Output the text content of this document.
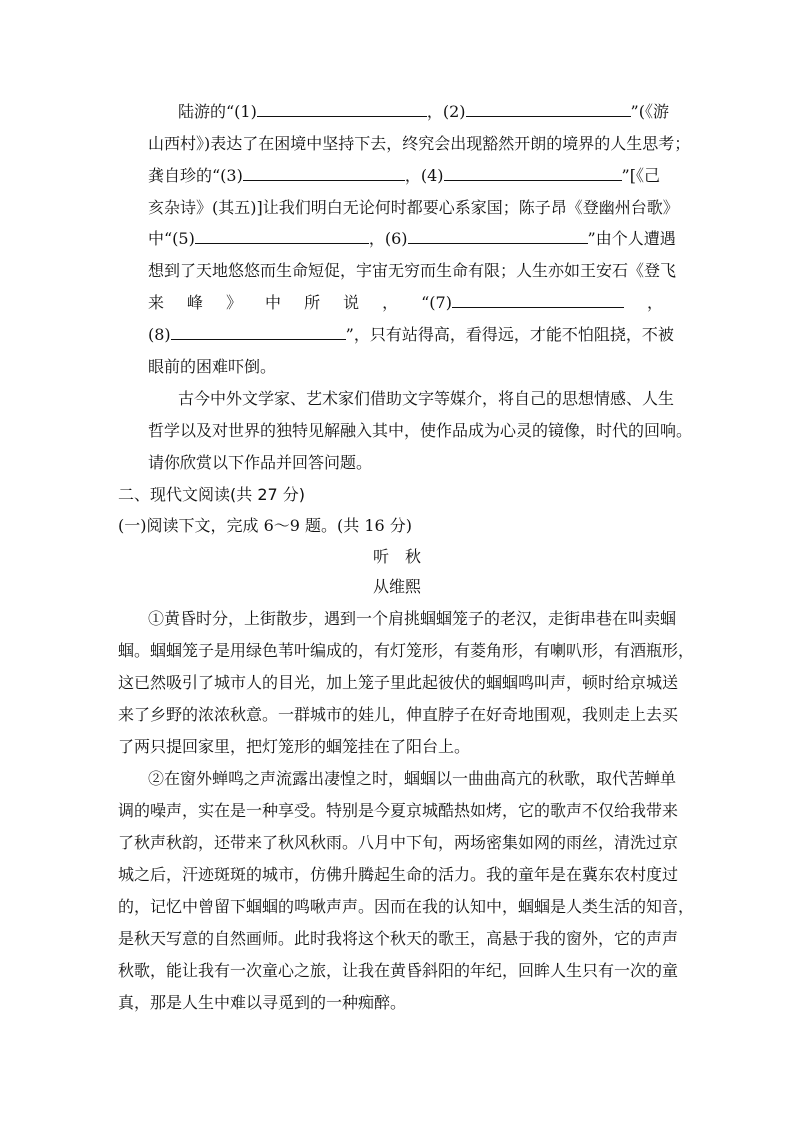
陆游的“(1)	，(2)	”(《游
山西村》)表达了在困境中坚持下去，终究会出现豁然开朗的境界的人生思考；
龚自珍的“(3)	，(4)	”[《己
亥杂诗》(其五)]让我们明白无论何时都要心系家国；陈子昂《登幽州台歌》
中“(5)	，(6)	”由个人遭遇
想到了天地悠悠而生命短促，宇宙无穷而生命有限；人生亦如王安石《登飞
来 峰 》 中 所 说 ， “(7)	，
(8)	”，只有站得高，看得远，才能不怕阻挠，不被
眼前的困难吓倒。
古今中外文学家、艺术家们借助文字等媒介，将自己的思想情感、人生
哲学以及对世界的独特见解融入其中，使作品成为心灵的镜像，时代的回响。
请你欣赏以下作品并回答问题。
二、现代文阅读(共 27 分)
(一)阅读下文，完成 6～9 题。(共 16 分)
听　秋
从维熙
①黄昏时分，上街散步，遇到一个肩挑蝈蝈笼子的老汉，走街串巷在叫卖蝈
蝈。蝈蝈笼子是用绿色苇叶编成的，有灯笼形，有菱角形，有喇叭形，有酒瓶形，
这已然吸引了城市人的目光，加上笼子里此起彼伏的蝈蝈鸣叫声，顿时给京城送
来了乡野的浓浓秋意。一群城市的娃儿，伸直脖子在好奇地围观，我则走上去买
了两只提回家里，把灯笼形的蝈笼挂在了阳台上。
②在窗外蝉鸣之声流露出凄惶之时，蝈蝈以一曲曲高亢的秋歌，取代苦蝉单
调的噪声，实在是一种享受。特别是今夏京城酷热如烤，它的歌声不仅给我带来
了秋声秋韵，还带来了秋风秋雨。八月中下旬，两场密集如网的雨丝，清洗过京
城之后，汗迹斑斑的城市，仿佛升腾起生命的活力。我的童年是在冀东农村度过
的，记忆中曾留下蝈蝈的鸣啾声声。因而在我的认知中，蝈蝈是人类生活的知音，
是秋天写意的自然画师。此时我将这个秋天的歌王，高悬于我的窗外，它的声声
秋歌，能让我有一次童心之旅，让我在黄昏斜阳的年纪，回眸人生只有一次的童
真，那是人生中难以寻觅到的一种痴醉。
